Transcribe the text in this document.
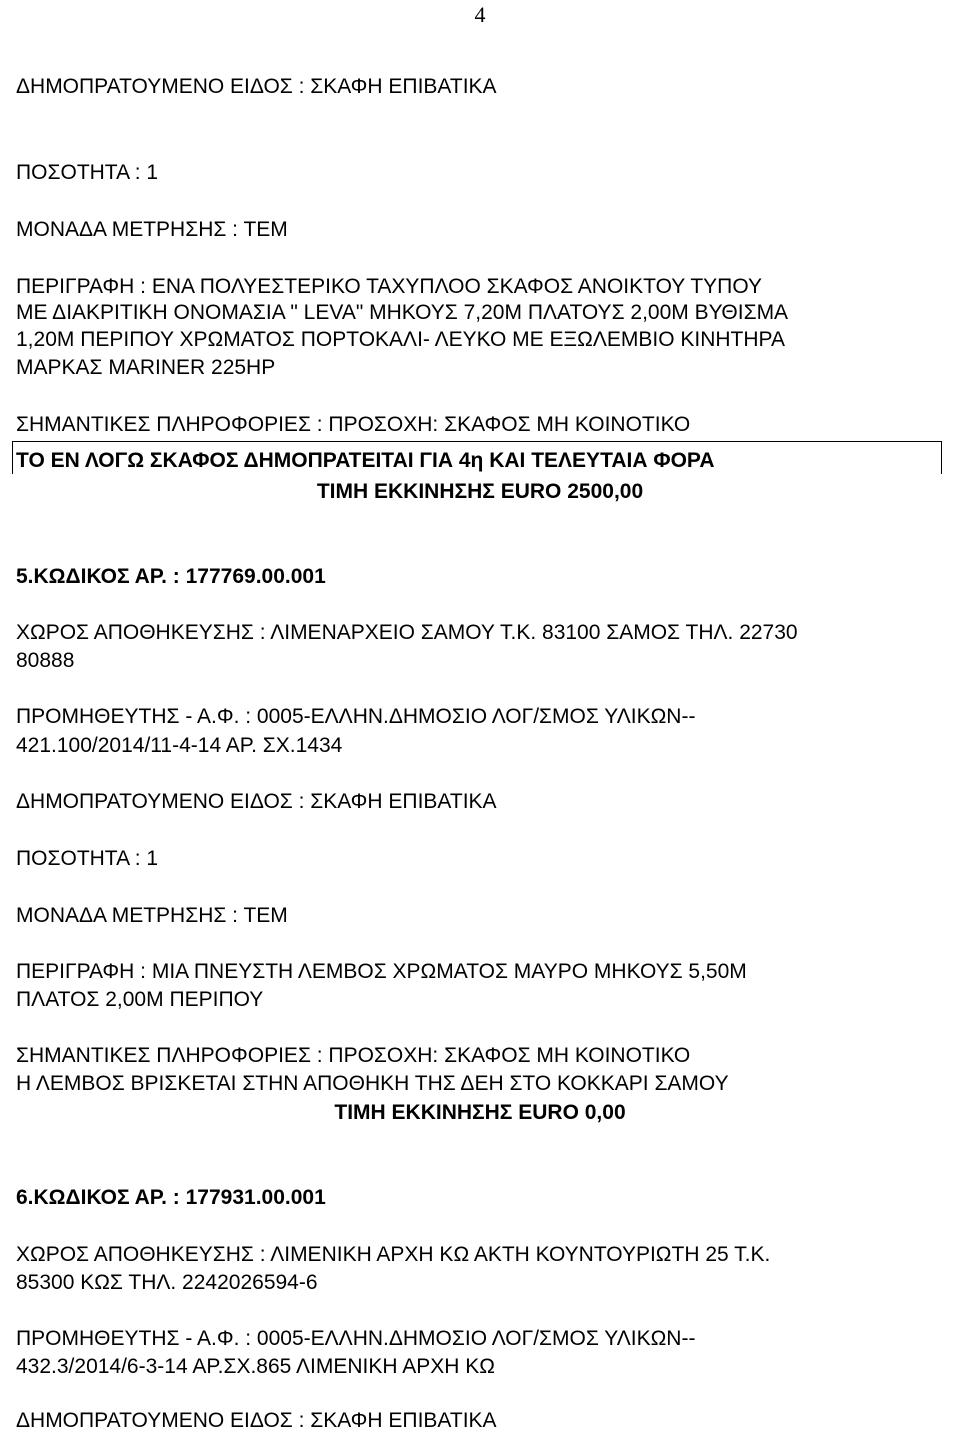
4
ΔΗΜΟΠΡΑΤΟΥΜΕΝΟ ΕΙΔΟΣ : ΣΚΑΦΗ ΕΠΙΒΑΤΙΚΑ
ΠΟΣΟΤΗΤΑ : 1
ΜΟΝΑΔΑ ΜΕΤΡΗΣΗΣ : ΤΕΜ
ΠΕΡΙΓΡΑΦΗ : ΕΝΑ ΠΟΛΥΕΣΤΕΡΙΚΟ ΤΑΧΥΠΛΟΟ ΣΚΑΦΟΣ ΑΝΟΙΚΤΟΥ ΤΥΠΟΥ
ΜΕ ΔΙΑΚΡΙΤΙΚΗ ΟΝΟΜΑΣΙΑ " LEVA" ΜΗΚΟΥΣ 7,20Μ ΠΛΑΤΟΥΣ 2,00Μ ΒΥΘΙΣΜΑ
1,20Μ ΠΕΡΙΠΟΥ ΧΡΩΜΑΤΟΣ ΠΟΡΤΟΚΑΛΙ- ΛΕΥΚΟ ΜΕ ΕΞΩΛΕΜΒΙΟ ΚΙΝΗΤΗΡΑ
ΜΑΡΚΑΣ MARINER 225HP
ΣΗΜΑΝΤΙΚΕΣ ΠΛΗΡΟΦΟΡΙΕΣ : ΠΡΟΣΟΧΗ: ΣΚΑΦΟΣ ΜΗ ΚΟΙΝΟΤΙΚΟ
ΤΟ ΕΝ ΛΟΓΩ ΣΚΑΦΟΣ ΔΗΜΟΠΡΑΤΕΙΤΑΙ ΓΙΑ 4η ΚΑΙ ΤΕΛΕΥΤΑΙΑ ΦΟΡΑ
ΤΙΜΗ ΕΚΚΙΝΗΣΗΣ EURO 2500,00
5.ΚΩΔΙΚΟΣ ΑΡ. : 177769.00.001
ΧΩΡΟΣ ΑΠΟΘΗΚΕΥΣΗΣ : ΛΙΜΕΝΑΡΧΕΙΟ ΣΑΜΟΥ Τ.Κ. 83100 ΣΑΜΟΣ ΤΗΛ. 22730
80888
ΠΡΟΜΗΘΕΥΤΗΣ - Α.Φ. : 0005-ΕΛΛΗΝ.ΔΗΜΟΣΙΟ ΛΟΓ/ΣΜΟΣ ΥΛΙΚΩΝ--
421.100/2014/11-4-14 ΑΡ. ΣΧ.1434
ΔΗΜΟΠΡΑΤΟΥΜΕΝΟ ΕΙΔΟΣ : ΣΚΑΦΗ ΕΠΙΒΑΤΙΚΑ
ΠΟΣΟΤΗΤΑ : 1
ΜΟΝΑΔΑ ΜΕΤΡΗΣΗΣ : ΤΕΜ
ΠΕΡΙΓΡΑΦΗ : ΜΙΑ ΠΝΕΥΣΤΗ ΛΕΜΒΟΣ ΧΡΩΜΑΤΟΣ ΜΑΥΡΟ ΜΗΚΟΥΣ 5,50Μ
ΠΛΑΤΟΣ 2,00Μ ΠΕΡΙΠΟΥ
ΣΗΜΑΝΤΙΚΕΣ ΠΛΗΡΟΦΟΡΙΕΣ : ΠΡΟΣΟΧΗ: ΣΚΑΦΟΣ ΜΗ ΚΟΙΝΟΤΙΚΟ
Η ΛΕΜΒΟΣ ΒΡΙΣΚΕΤΑΙ ΣΤΗΝ ΑΠΟΘΗΚΗ ΤΗΣ ΔΕΗ ΣΤΟ ΚΟΚΚΑΡΙ ΣΑΜΟΥ
ΤΙΜΗ ΕΚΚΙΝΗΣΗΣ EURO 0,00
6.ΚΩΔΙΚΟΣ ΑΡ. : 177931.00.001
ΧΩΡΟΣ ΑΠΟΘΗΚΕΥΣΗΣ : ΛΙΜΕΝΙΚΗ ΑΡΧΗ ΚΩ ΑΚΤΗ ΚΟΥΝΤΟΥΡΙΩΤΗ 25 Τ.Κ.
85300 ΚΩΣ ΤΗΛ. 2242026594-6
ΠΡΟΜΗΘΕΥΤΗΣ - Α.Φ. : 0005-ΕΛΛΗΝ.ΔΗΜΟΣΙΟ ΛΟΓ/ΣΜΟΣ ΥΛΙΚΩΝ--
432.3/2014/6-3-14 ΑΡ.ΣΧ.865 ΛΙΜΕΝΙΚΗ ΑΡΧΗ ΚΩ
ΔΗΜΟΠΡΑΤΟΥΜΕΝΟ ΕΙΔΟΣ : ΣΚΑΦΗ ΕΠΙΒΑΤΙΚΑ
